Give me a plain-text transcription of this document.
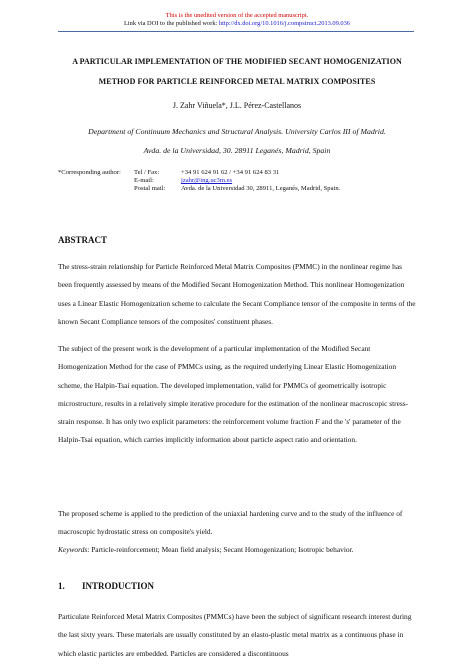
This is the unedited version of the accepted manuscript.
Link via DOI to the published work: http://dx.doi.org/10.1016/j.compstruct.2013.09.036
A PARTICULAR IMPLEMENTATION OF THE MODIFIED SECANT HOMOGENIZATION
METHOD FOR PARTICLE REINFORCED METAL MATRIX COMPOSITES
J. Zahr Viñuela*, J.L. Pérez-Castellanos
Department of Continuum Mechanics and Structural Analysis. University Carlos III of Madrid.
Avda. de la Universidad, 30. 28911 Leganés, Madrid, Spain
*Corresponding author: Tel / Fax:	+34 91 624 91 62 / +34 91 624 83 31
E-mail:	jzahr@ing.uc3m.es
Postal mail: Avda. de la Universidad 30, 28911, Leganés, Madrid, Spain.
ABSTRACT
The stress-strain relationship for Particle Reinforced Metal Matrix Composites (PMMC) in the nonlinear regime has been frequently assessed by means of the Modified Secant Homogenization Method. This nonlinear Homogenization uses a Linear Elastic Homogenization scheme to calculate the Secant Compliance tensor of the composite in terms of the known Secant Compliance tensors of the composites' constituent phases.
The subject of the present work is the development of a particular implementation of the Modified Secant Homogenization Method for the case of PMMCs using, as the required underlying Linear Elastic Homogenization scheme, the Halpin-Tsai equation. The developed implementation, valid for PMMCs of geometrically isotropic microstructure, results in a relatively simple iterative procedure for the estimation of the nonlinear macroscopic stress-strain response. It has only two explicit parameters: the reinforcement volume fraction F and the 's' parameter of the Halpin-Tsai equation, which carries implicitly information about particle aspect ratio and orientation.
The proposed scheme is applied to the prediction of the uniaxial hardening curve and to the study of the influence of macroscopic hydrostatic stress on composite's yield.
Keywords: Particle-reinforcement; Mean field analysis; Secant Homogenization; Isotropic behavior.
1. INTRODUCTION
Particulate Reinforced Metal Matrix Composites (PMMCs) have been the subject of significant research interest during the last sixty years. These materials are usually constituted by an elasto-plastic metal matrix as a continuous phase in which elastic particles are embedded. Particles are considered a discontinuous
